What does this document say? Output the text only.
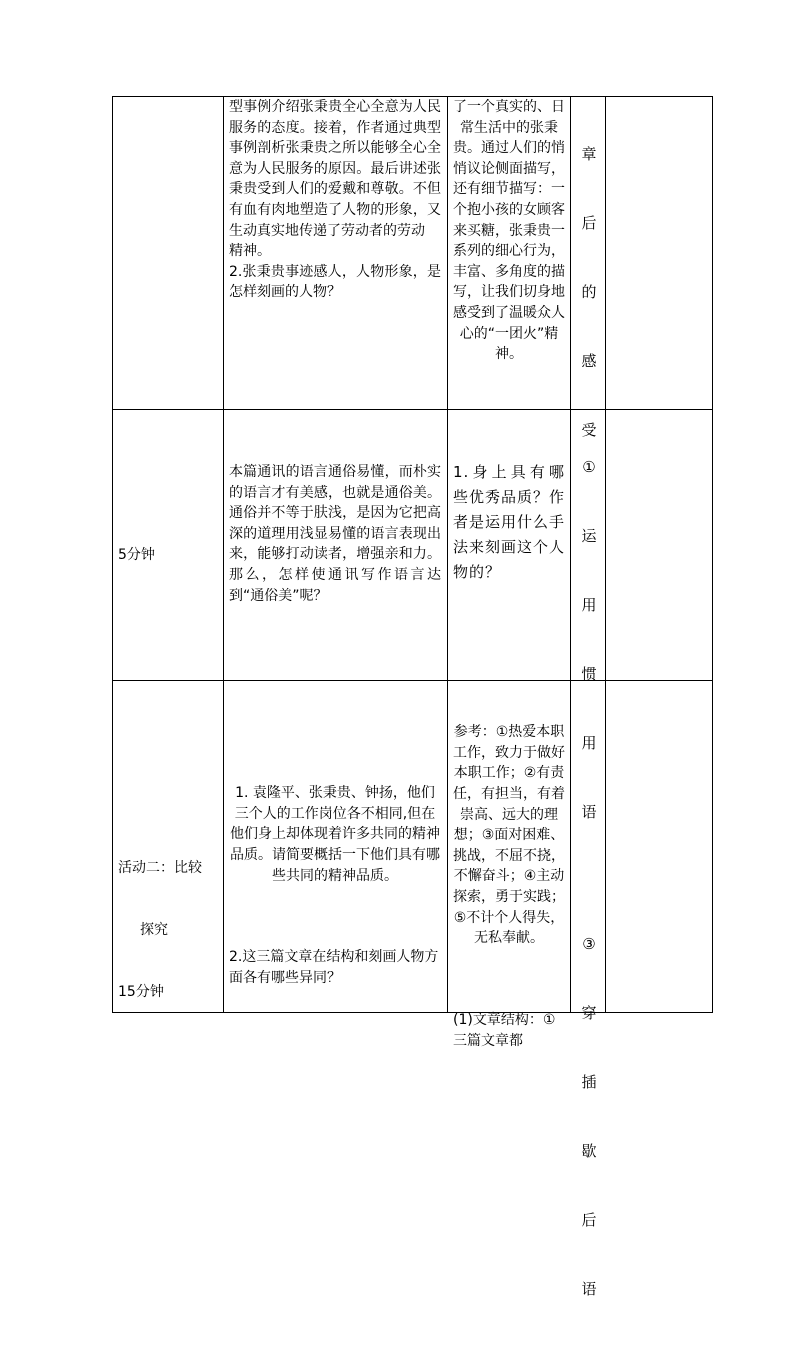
型事例介绍张秉贵全心全意为人民服务的态度。接着，作者通过典型事例剖析张秉贵之所以能够全心全意为人民服务的原因。最后讲述张秉贵受到人们的爱戴和尊敬。不但有血有肉地塑造了人物的形象，又生动真实地传递了劳动者的劳动
精神。
2.张秉贵事迹感人，人物形象，是怎样刻画的人物？
了一个真实的、日常生活中的张秉贵。通过人们的悄悄议论侧面描写，还有细节描写：一个抱小孩的女顾客来买糖，张秉贵一系列的细心行为，丰富、多角度的描写，让我们切身地感受到了温暖众人心的“一团火”精神。

章

后

的

感

受

5分钟
本篇通讯的语言通俗易懂，而朴实的语言才有美感，也就是通俗美。通俗并不等于肤浅，是因为它把高深的道理用浅显易懂的语言表现出来，能够打动读者，增强亲和力。那么，怎样使通讯写作语言达到“通俗美”呢？
1.身上具有哪些优秀品质？作者是运用什么手法来刻画这个人物的？

①

运

用

惯

用

语

③

穿

插

歇

后

语

活动二：比较

探究

15分钟

1. 袁隆平、张秉贵、钟扬，他们三个人的工作岗位各不相同,但在他们身上却体现着许多共同的精神品质。请简要概括一下他们具有哪些共同的精神品质。

2.这三篇文章在结构和刻画人物方面各有哪些异同？

参考：①热爱本职工作，致力于做好本职工作；②有责任，有担当，有着崇高、远大的理想；③面对困难、挑战，不屈不挠，不懈奋斗；④主动探索，勇于实践；⑤不计个人得失，无私奉献。

(1)文章结构：①三篇文章都
